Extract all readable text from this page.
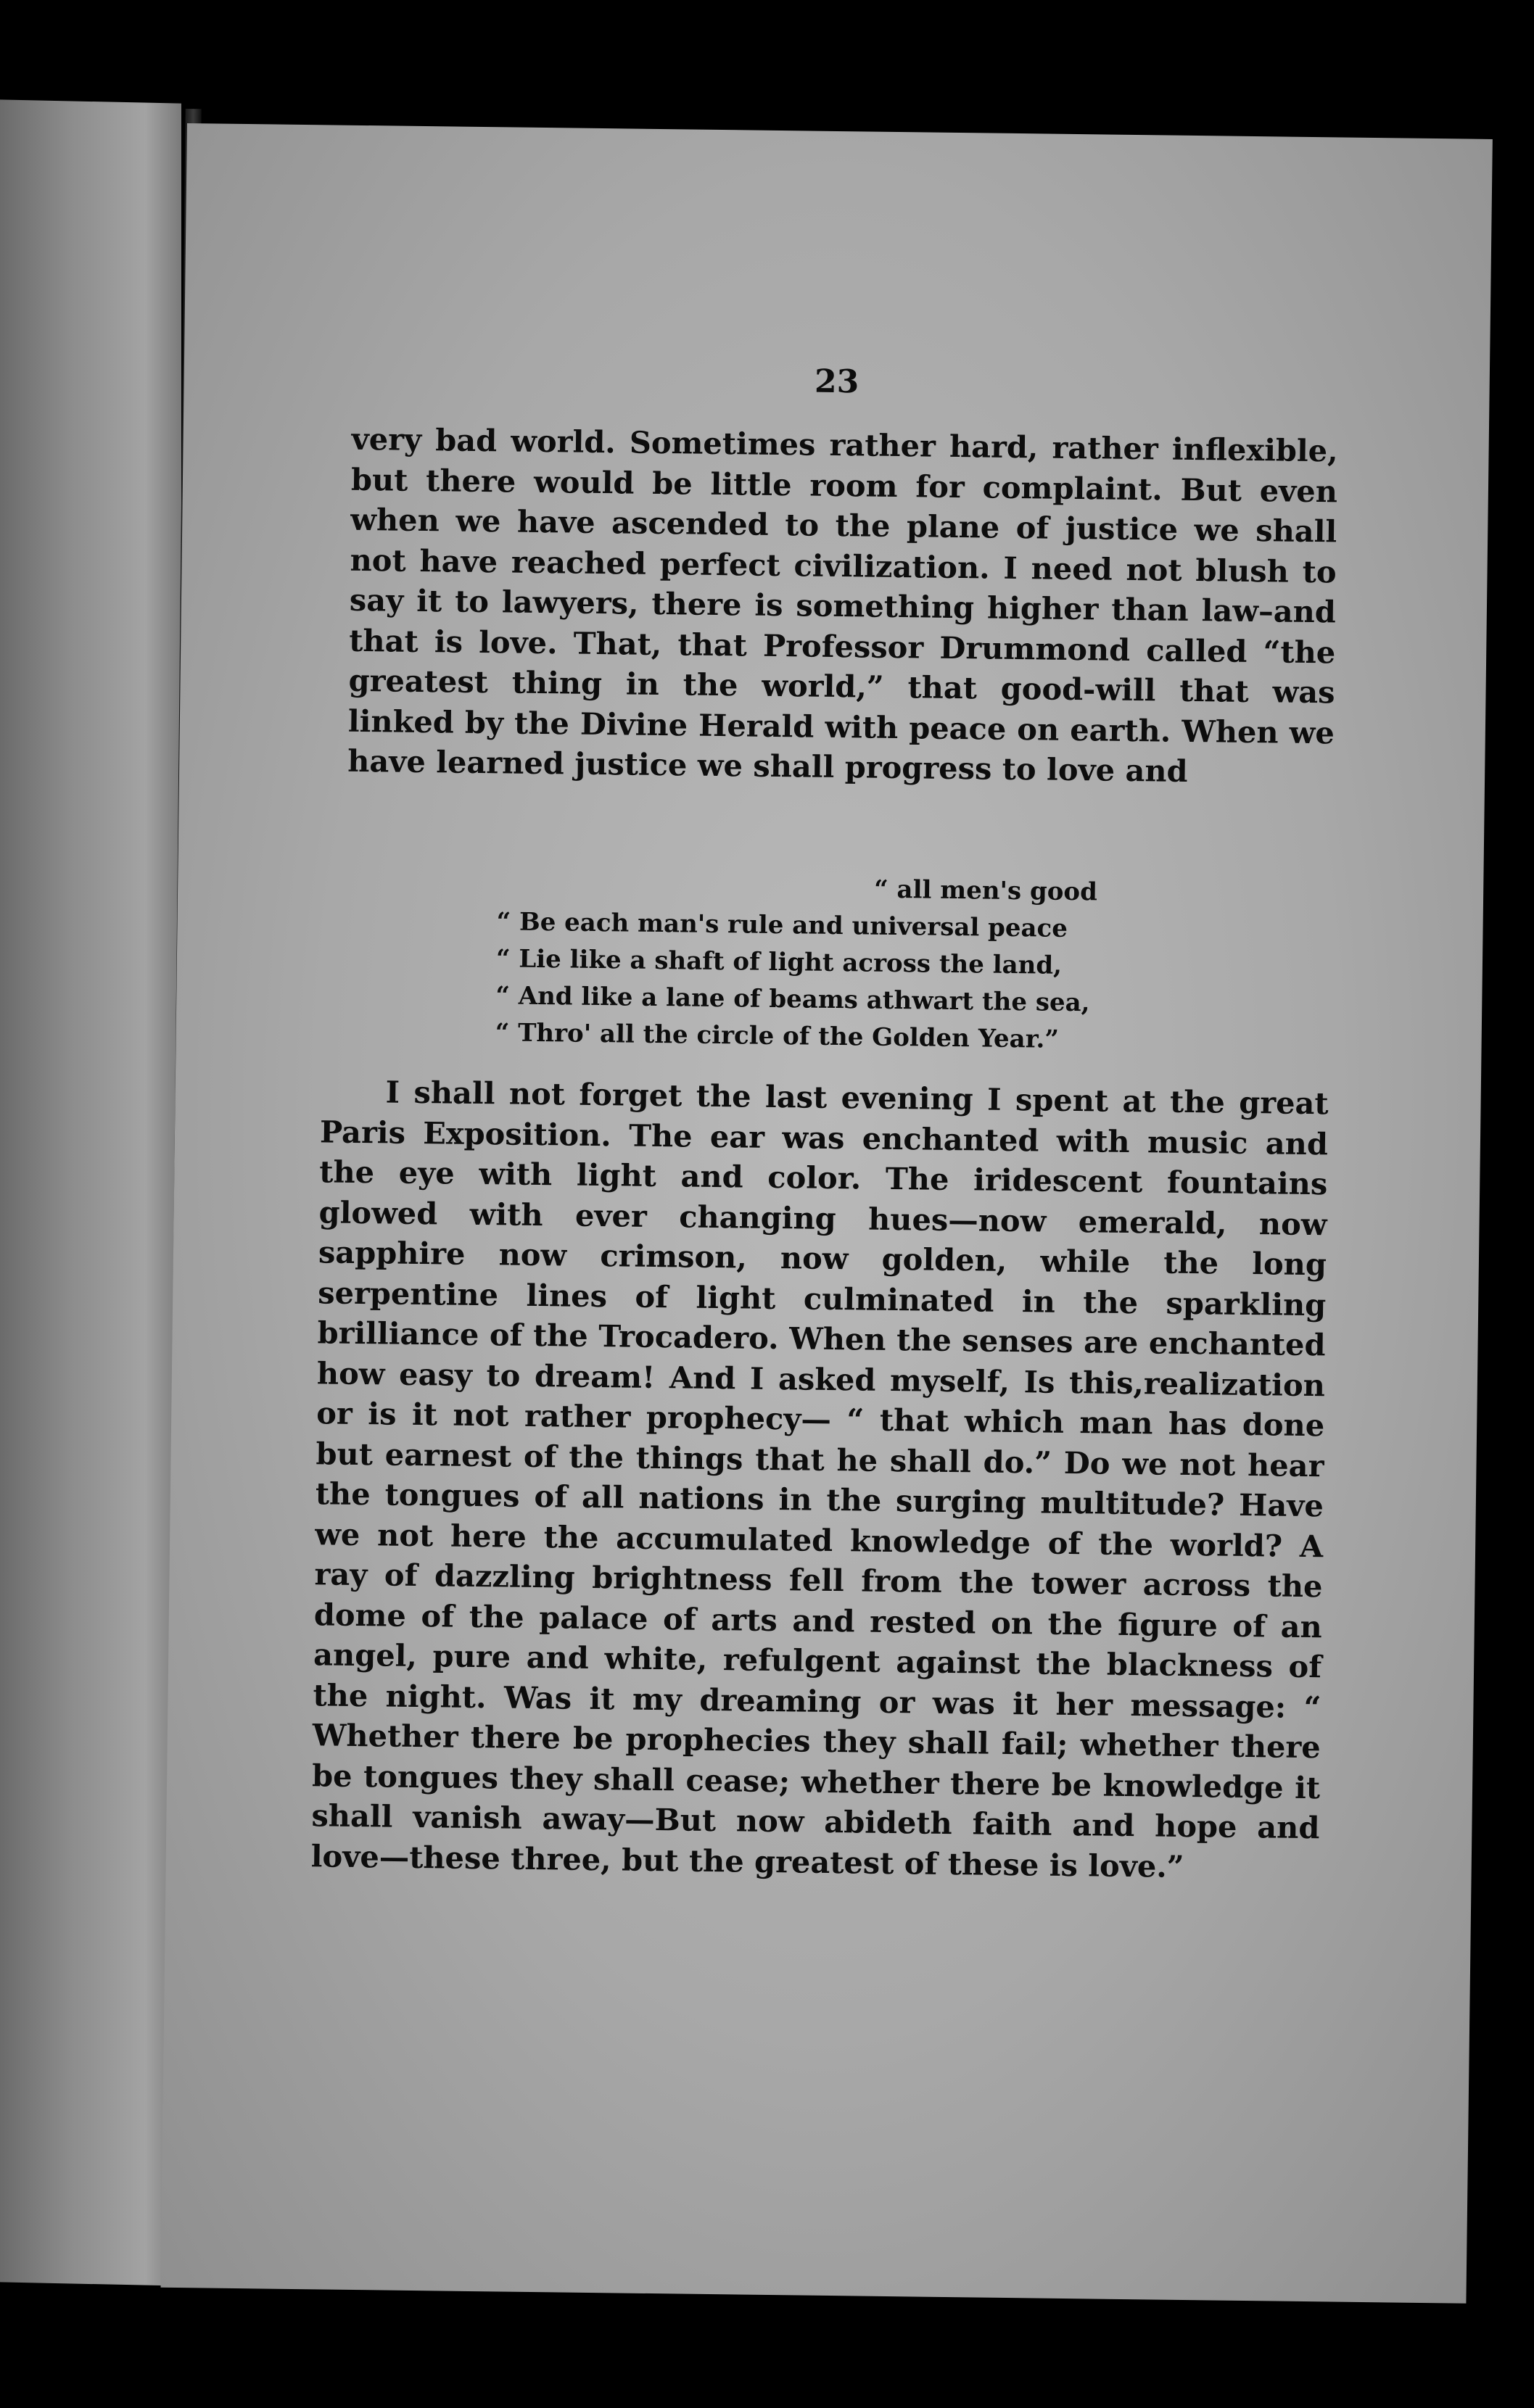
23

very bad world. Sometimes rather hard, rather inflexible, but there would be little room for complaint. But even when we have ascended to the plane of justice we shall not have reached perfect civilization. I need not blush to say it to lawyers, there is something higher than law–and that is love. That, that Professor Drummond called “the greatest thing in the world,” that good-will that was linked by the Divine Herald with peace on earth. When we have learned justice we shall progress to love and

“ all men's good
“ Be each man's rule and universal peace
“ Lie like a shaft of light across the land,
“ And like a lane of beams athwart the sea,
“ Thro' all the circle of the Golden Year.”

I shall not forget the last evening I spent at the great Paris Exposition. The ear was enchanted with music and the eye with light and color. The iridescent fountains glowed with ever changing hues—now emerald, now sapphire now crimson, now golden, while the long serpentine lines of light culminated in the sparkling brilliance of the Trocadero. When the senses are enchanted how easy to dream! And I asked myself, Is this,realization or is it not rather prophecy— “ that which man has done but earnest of the things that he shall do.” Do we not hear the tongues of all nations in the surging multitude? Have we not here the accumulated knowledge of the world? A ray of dazzling brightness fell from the tower across the dome of the palace of arts and rested on the figure of an angel, pure and white, refulgent against the blackness of the night. Was it my dreaming or was it her message: “ Whether there be prophecies they shall fail; whether there be tongues they shall cease; whether there be knowledge it shall vanish away—But now abideth faith and hope and love—these three, but the greatest of these is love.”
